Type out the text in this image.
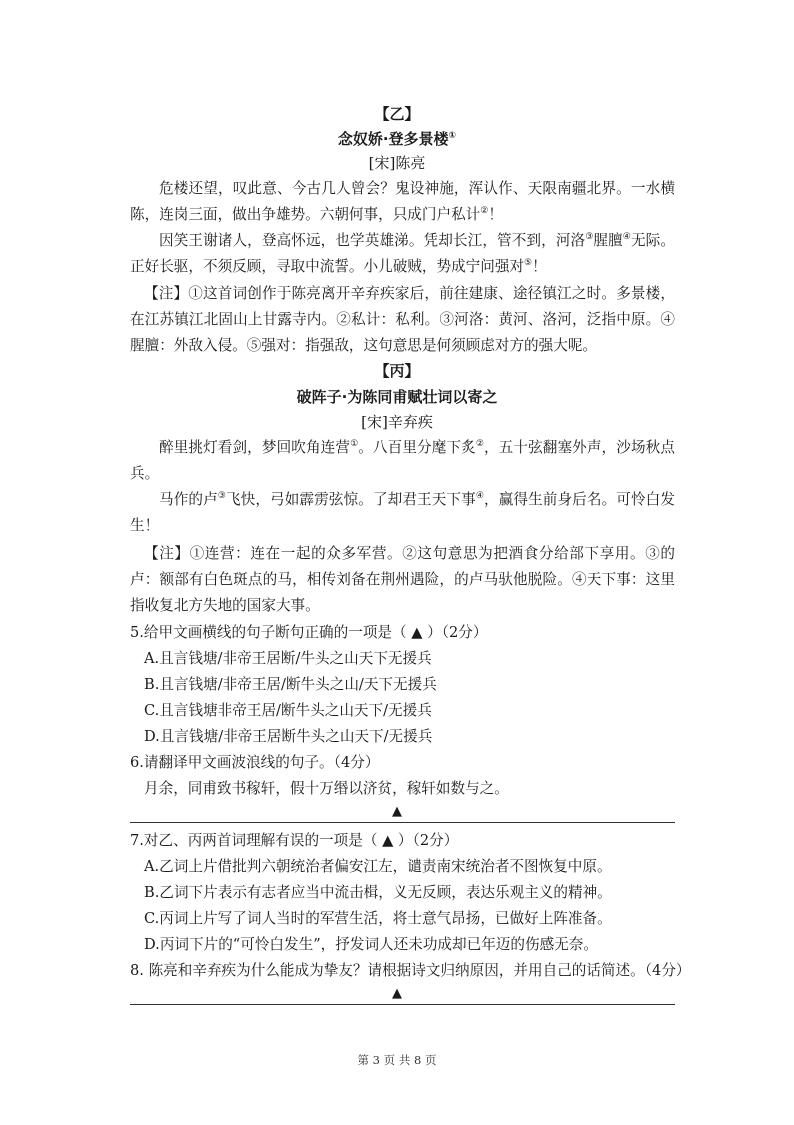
【乙】
念奴娇·登多景楼①
[宋]陈亮

危楼还望，叹此意、今古几人曾会？鬼设神施，浑认作、天限南疆北界。一水横陈，连岗三面，做出争雄势。六朝何事，只成门户私计②！

因笑王谢诸人，登高怀远，也学英雄涕。凭却长江，管不到，河洛③腥膻④无际。正好长驱，不须反顾，寻取中流誓。小儿破贼，势成宁问强对⑤！

【注】①这首词创作于陈亮离开辛弃疾家后，前往建康、途径镇江之时。多景楼，在江苏镇江北固山上甘露寺内。②私计：私利。③河洛：黄河、洛河，泛指中原。④腥膻：外敌入侵。⑤强对：指强敌，这句意思是何须顾虑对方的强大呢。

【丙】
破阵子·为陈同甫赋壮词以寄之
[宋]辛弃疾

醉里挑灯看剑，梦回吹角连营①。八百里分麾下炙②，五十弦翻塞外声，沙场秋点兵。

马作的卢③飞快，弓如霹雳弦惊。了却君王天下事④，赢得生前身后名。可怜白发生！

【注】①连营：连在一起的众多军营。②这句意思为把酒食分给部下享用。③的卢：额部有白色斑点的马，相传刘备在荆州遇险，的卢马驮他脱险。④天下事：这里指收复北方失地的国家大事。

5.给甲文画横线的句子断句正确的一项是（ ▲ ）（2分）

A.且言钱塘/非帝王居断/牛头之山天下无援兵

B.且言钱塘/非帝王居/断牛头之山/天下无援兵

C.且言钱塘非帝王居/断牛头之山天下/无援兵

D.且言钱塘/非帝王居断牛头之山天下/无援兵

6.请翻译甲文画波浪线的句子。（4分）

月余，同甫致书稼轩，假十万缗以济贫，稼轩如数与之。

▲

7.对乙、丙两首词理解有误的一项是（ ▲ ）（2分）

A.乙词上片借批判六朝统治者偏安江左，谴责南宋统治者不图恢复中原。

B.乙词下片表示有志者应当中流击楫，义无反顾，表达乐观主义的精神。

C.丙词上片写了词人当时的军营生活，将士意气昂扬，已做好上阵准备。

D.丙词下片的“可怜白发生”，抒发词人还未功成却已年迈的伤感无奈。

8. 陈亮和辛弃疾为什么能成为挚友？请根据诗文归纳原因，并用自己的话简述。（4分）

▲
第 3 页 共 8 页
